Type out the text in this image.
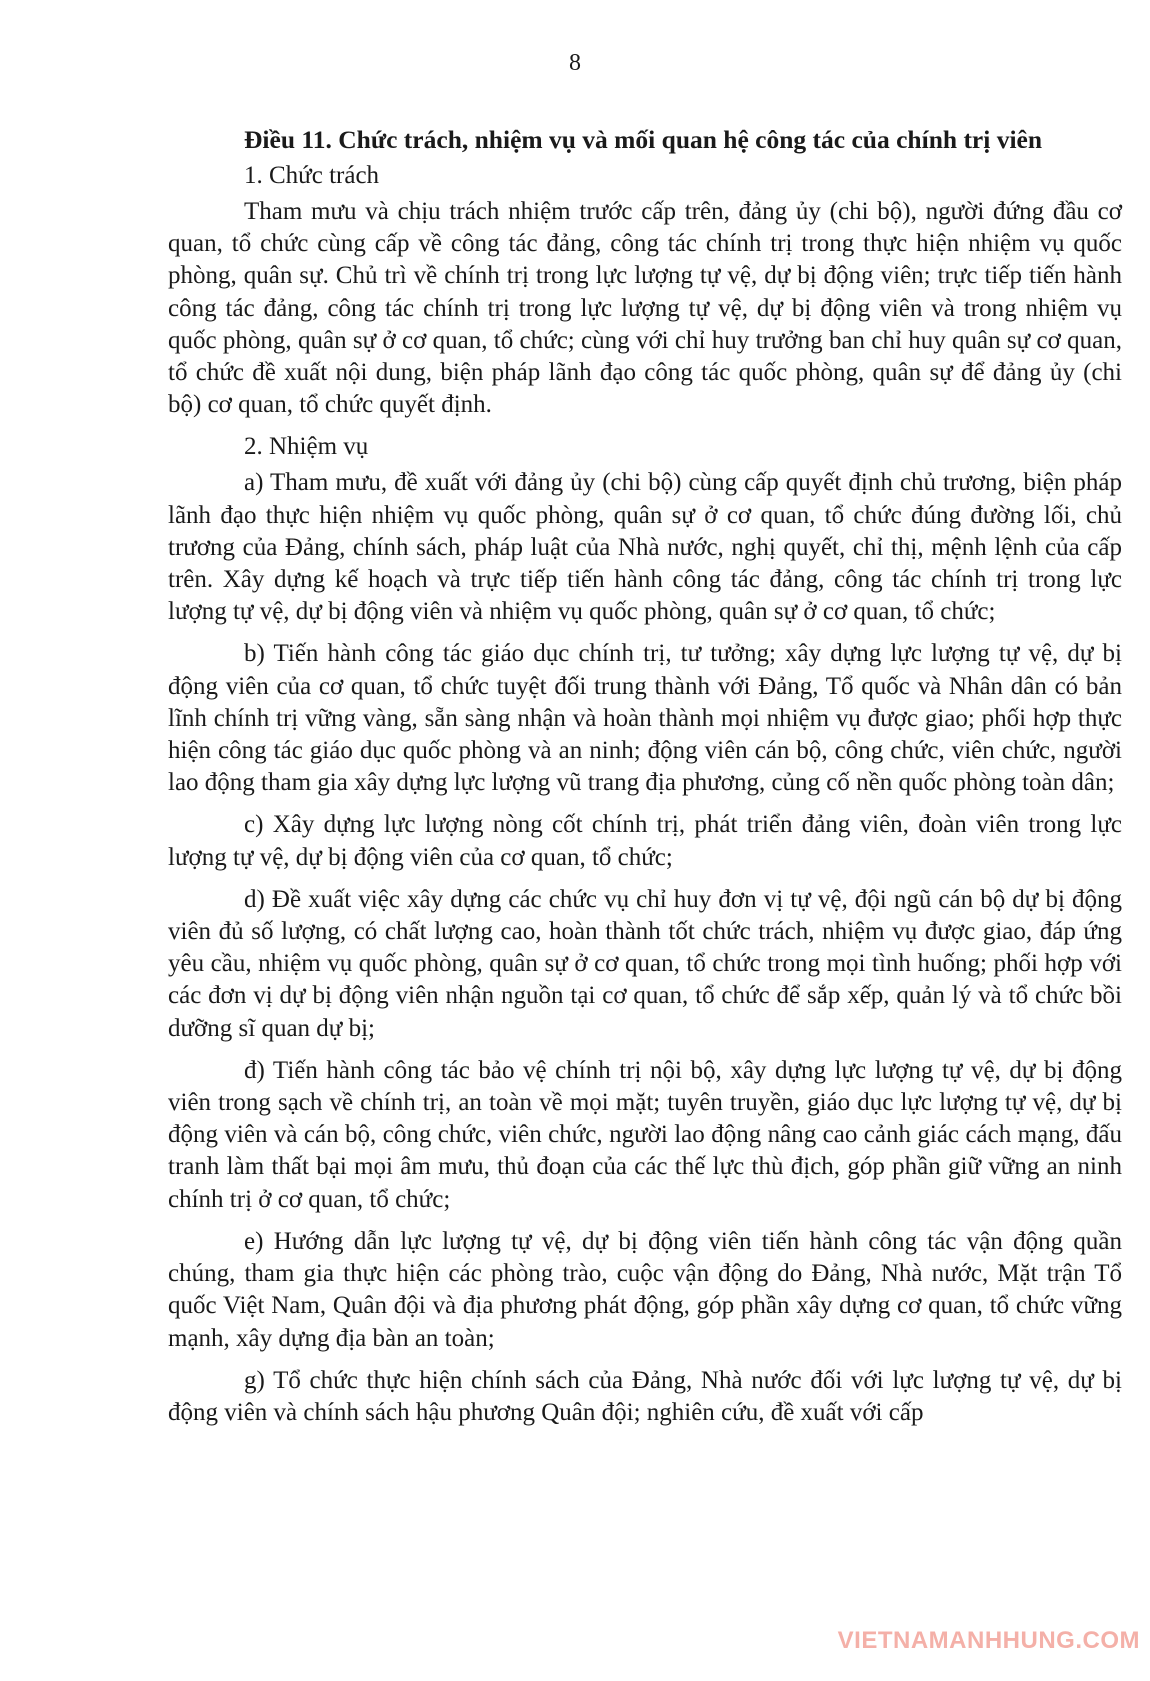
8

Điều 11. Chức trách, nhiệm vụ và mối quan hệ công tác của chính trị viên

1. Chức trách

Tham mưu và chịu trách nhiệm trước cấp trên, đảng ủy (chi bộ), người đứng đầu cơ quan, tổ chức cùng cấp về công tác đảng, công tác chính trị trong thực hiện nhiệm vụ quốc phòng, quân sự. Chủ trì về chính trị trong lực lượng tự vệ, dự bị động viên; trực tiếp tiến hành công tác đảng, công tác chính trị trong lực lượng tự vệ, dự bị động viên và trong nhiệm vụ quốc phòng, quân sự ở cơ quan, tổ chức; cùng với chỉ huy trưởng ban chỉ huy quân sự cơ quan, tổ chức đề xuất nội dung, biện pháp lãnh đạo công tác quốc phòng, quân sự để đảng ủy (chi bộ) cơ quan, tổ chức quyết định.

2. Nhiệm vụ

a) Tham mưu, đề xuất với đảng ủy (chi bộ) cùng cấp quyết định chủ trương, biện pháp lãnh đạo thực hiện nhiệm vụ quốc phòng, quân sự ở cơ quan, tổ chức đúng đường lối, chủ trương của Đảng, chính sách, pháp luật của Nhà nước, nghị quyết, chỉ thị, mệnh lệnh của cấp trên. Xây dựng kế hoạch và trực tiếp tiến hành công tác đảng, công tác chính trị trong lực lượng tự vệ, dự bị động viên và nhiệm vụ quốc phòng, quân sự ở cơ quan, tổ chức;

b) Tiến hành công tác giáo dục chính trị, tư tưởng; xây dựng lực lượng tự vệ, dự bị động viên của cơ quan, tổ chức tuyệt đối trung thành với Đảng, Tổ quốc và Nhân dân có bản lĩnh chính trị vững vàng, sẵn sàng nhận và hoàn thành mọi nhiệm vụ được giao; phối hợp thực hiện công tác giáo dục quốc phòng và an ninh; động viên cán bộ, công chức, viên chức, người lao động tham gia xây dựng lực lượng vũ trang địa phương, củng cố nền quốc phòng toàn dân;

c) Xây dựng lực lượng nòng cốt chính trị, phát triển đảng viên, đoàn viên trong lực lượng tự vệ, dự bị động viên của cơ quan, tổ chức;

d) Đề xuất việc xây dựng các chức vụ chỉ huy đơn vị tự vệ, đội ngũ cán bộ dự bị động viên đủ số lượng, có chất lượng cao, hoàn thành tốt chức trách, nhiệm vụ được giao, đáp ứng yêu cầu, nhiệm vụ quốc phòng, quân sự ở cơ quan, tổ chức trong mọi tình huống; phối hợp với các đơn vị dự bị động viên nhận nguồn tại cơ quan, tổ chức để sắp xếp, quản lý và tổ chức bồi dưỡng sĩ quan dự bị;

đ) Tiến hành công tác bảo vệ chính trị nội bộ, xây dựng lực lượng tự vệ, dự bị động viên trong sạch về chính trị, an toàn về mọi mặt; tuyên truyền, giáo dục lực lượng tự vệ, dự bị động viên và cán bộ, công chức, viên chức, người lao động nâng cao cảnh giác cách mạng, đấu tranh làm thất bại mọi âm mưu, thủ đoạn của các thế lực thù địch, góp phần giữ vững an ninh chính trị ở cơ quan, tổ chức;

e) Hướng dẫn lực lượng tự vệ, dự bị động viên tiến hành công tác vận động quần chúng, tham gia thực hiện các phòng trào, cuộc vận động do Đảng, Nhà nước, Mặt trận Tổ quốc Việt Nam, Quân đội và địa phương phát động, góp phần xây dựng cơ quan, tổ chức vững mạnh, xây dựng địa bàn an toàn;

g) Tổ chức thực hiện chính sách của Đảng, Nhà nước đối với lực lượng tự vệ, dự bị động viên và chính sách hậu phương Quân đội; nghiên cứu, đề xuất với cấp

VIETNAMANHHUNG.COM
